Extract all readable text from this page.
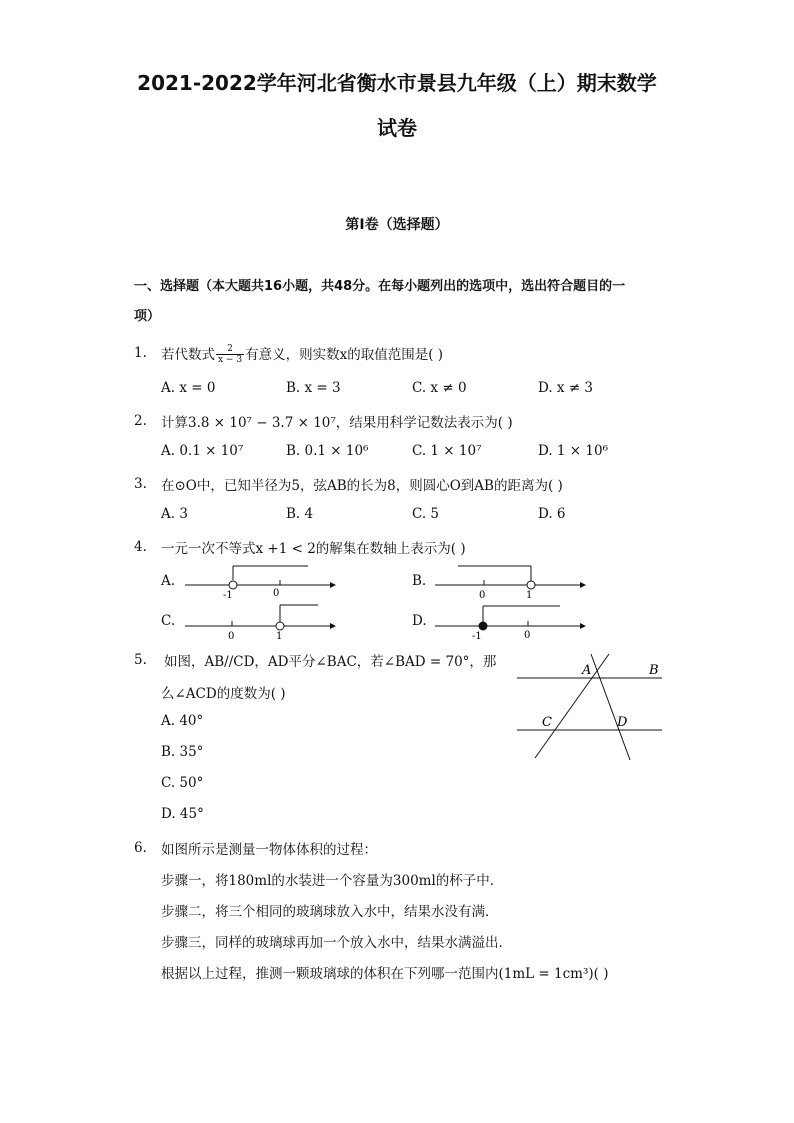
2021-2022学年河北省衡水市景县九年级（上）期末数学
试卷
第Ⅰ卷（选择题）
一、选择题（本大题共16小题，共48分。在每小题列出的选项中，选出符合题目的一
项）
1. 若代数式 $\frac{2}{x - 3}$ 有意义，则实数x的取值范围是( )
A. x = 0	B. x = 3	C. x ≠ 0	D. x ≠ 3
2. 计算3.8 × 10⁷ − 3.7 × 10⁷，结果用科学记数法表示为( )
A. 0.1 × 10⁷	B. 0.1 × 10⁶	C. 1 × 10⁷	D. 1 × 10⁶
3. 在⊙O中，已知半径为5，弦AB的长为8，则圆心O到AB的距离为( )
A. 3	B. 4	C. 5	D. 6
4. 一元一次不等式x +1 < 2的解集在数轴上表示为( )
A.
-1	0
B.
0	1
C.
0	1
D.
-1	0
5. 如图，AB//CD，AD平分∠BAC，若∠BAD = 70°，那
么∠ACD的度数为( )
A. 40°
B. 35°
C. 50°
D. 45°
A	B
C	D
6. 如图所示是测量一物体体积的过程：
步骤一，将180ml的水装进一个容量为300ml的杯子中．
步骤二，将三个相同的玻璃球放入水中，结果水没有满．
步骤三，同样的玻璃球再加一个放入水中，结果水满溢出．
根据以上过程，推测一颗玻璃球的体积在下列哪一范围内(1mL = 1cm³)( )
